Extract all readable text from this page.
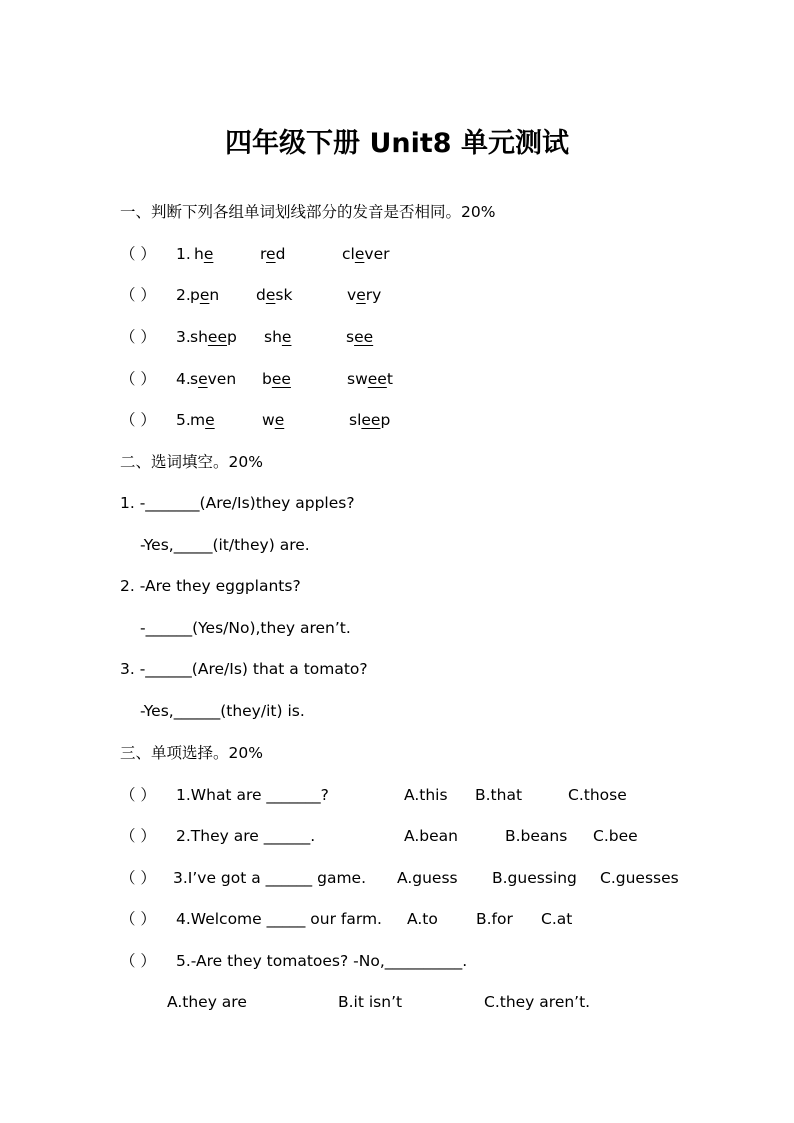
四年级下册 Unit8 单元测试
一、判断下列各组单词划线部分的发音是否相同。20%
（ ） 1. he	red	clever
（ ） 2. pen desk	very
（ ） 3. sheep she	see
（ ） 4. seven bee	sweet
（ ） 5. me	we	sleep
二、选词填空。20%
1. -_______(Are/Is)they apples?
-Yes,_____(it/they) are.
2. -Are they eggplants?
-______(Yes/No),they aren’t.
3. -______(Are/Is) that a tomato?
-Yes,______(they/it) is.
三、单项选择。20%
（ ） 1.What are _______?	A.this B.that	C.those
（ ） 2.They are ______.	A.bean	B.beans C.bee
（ ） 3.I’ve got a ______ game. A.guess B.guessing C.guesses
（ ） 4.Welcome _____ our farm. A.to B.for C.at
（ ） 5.-Are they tomatoes? -No,__________.
A.they are	B.it isn’t	C.they aren’t.
